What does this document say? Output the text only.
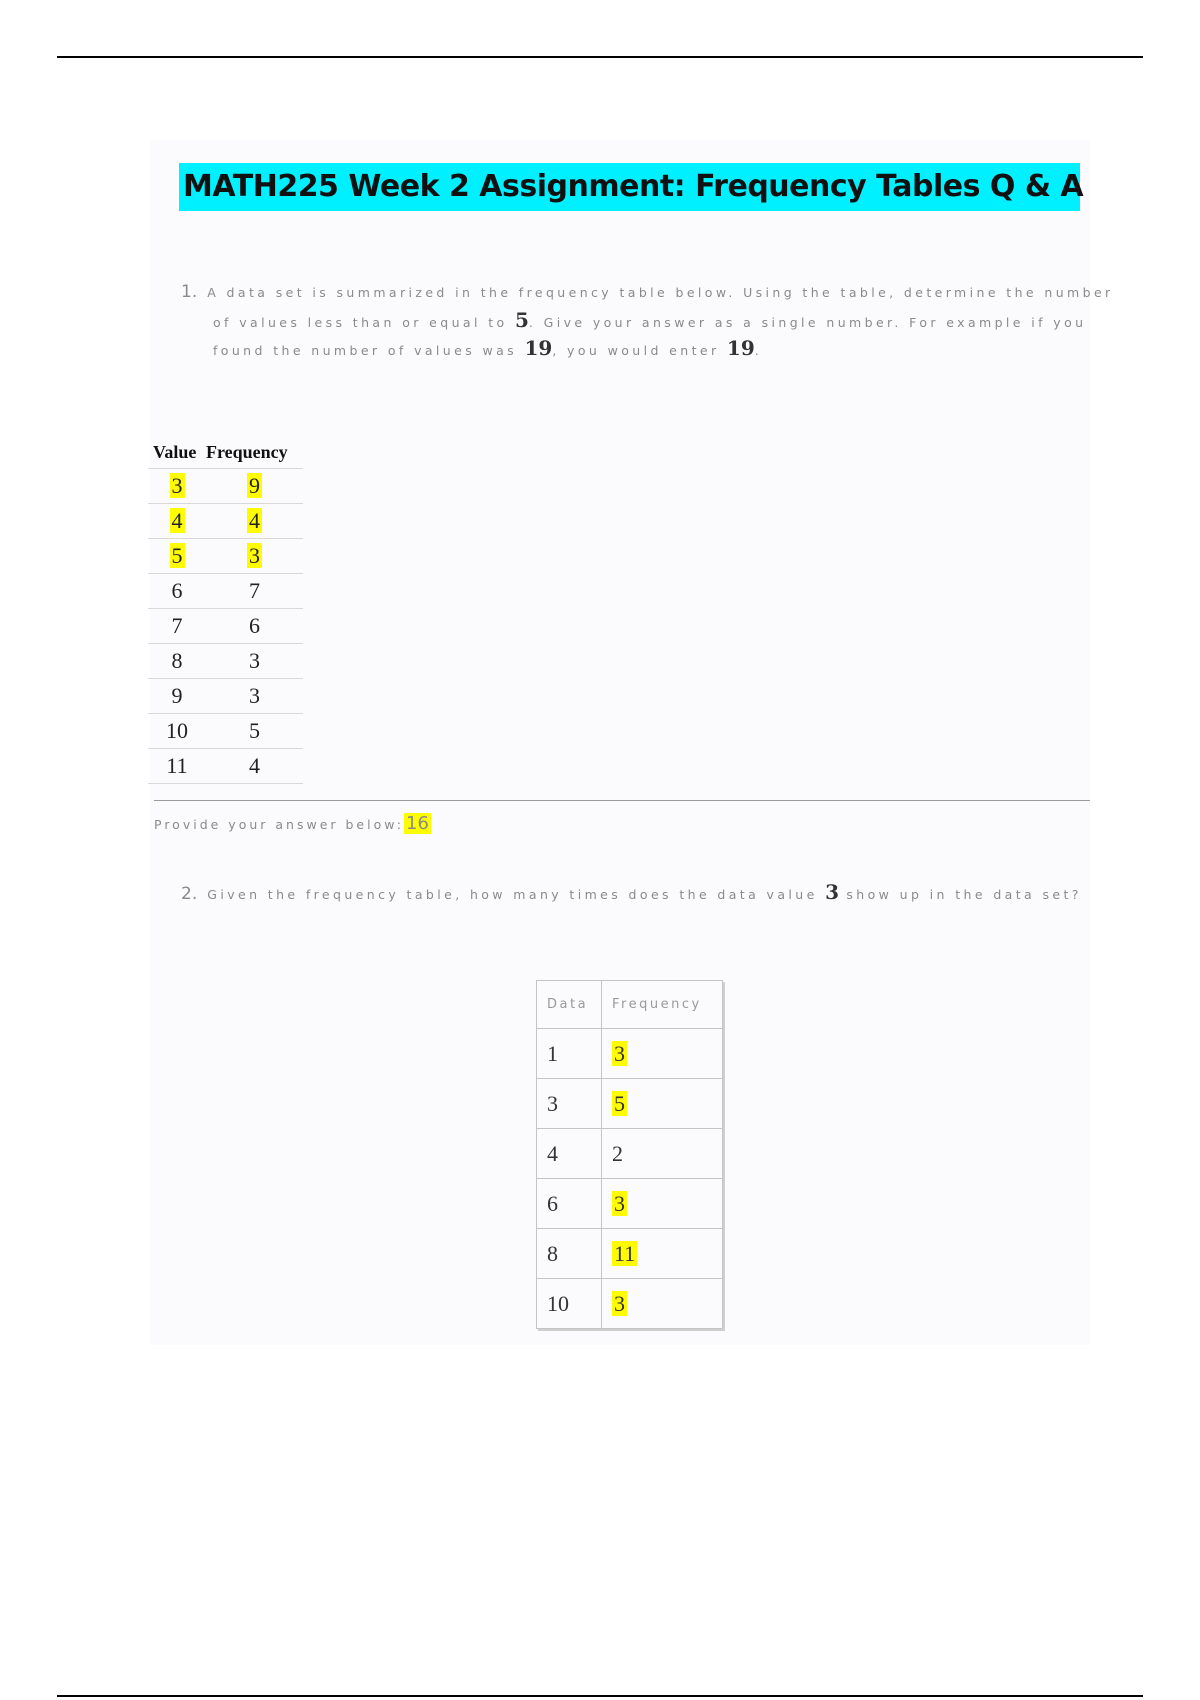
MATH225 Week 2 Assignment: Frequency Tables Q & A
1. A data set is summarized in the frequency table below. Using the table, determine the number
of values less than or equal to 5. Give your answer as a single number. For example if you
found the number of values was 19, you would enter 19.
Value	Frequency
3	9
4	4
5	3
6	7
7	6
8	3
9	3
10	5
11	4
Provide your answer below: 16
2. Given the frequency table, how many times does the data value 3 show up in the data set?
Data	Frequency
1	3
3	5
4	2
6	3
8	11
10	3
